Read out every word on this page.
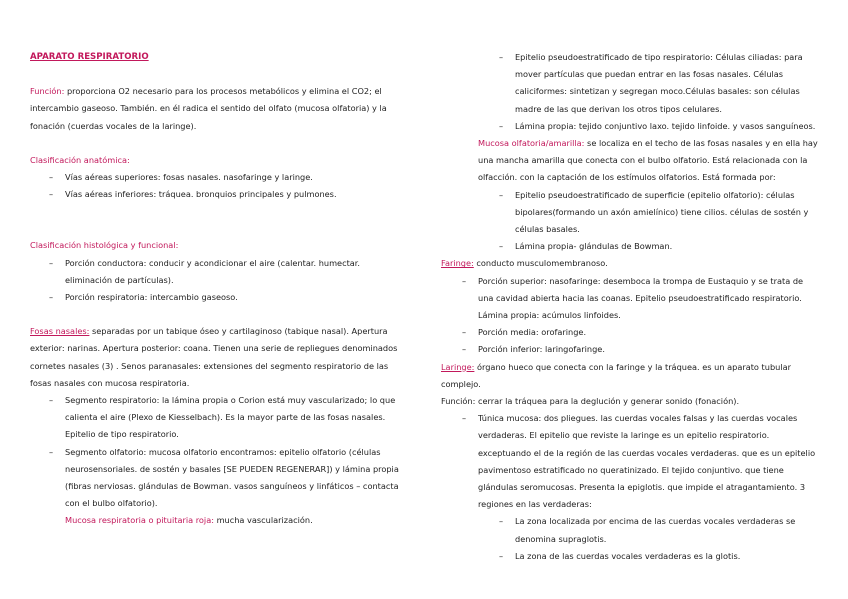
APARATO RESPIRATORIO

Función: proporciona O2 necesario para los procesos metabólicos y elimina el CO2; el intercambio gaseoso. También. en él radica el sentido del olfato (mucosa olfatoria) y la fonación (cuerdas vocales de la laringe).

Clasificación anatómica:

– Vías aéreas superiores: fosas nasales. nasofaringe y laringe.
– Vías aéreas inferiores: tráquea. bronquios principales y pulmones.

Clasificación histológica y funcional:

– Porción conductora: conducir y acondicionar el aire (calentar. humectar. eliminación de partículas).
– Porción respiratoria: intercambio gaseoso.

Fosas nasales: separadas por un tabique óseo y cartilaginoso (tabique nasal). Apertura exterior: narinas. Apertura posterior: coana. Tienen una serie de repliegues denominados cornetes nasales (3) . Senos paranasales: extensiones del segmento respiratorio de las fosas nasales con mucosa respiratoria.

– Segmento respiratorio: la lámina propia o Corion está muy vascularizado; lo que calienta el aire (Plexo de Kiesselbach). Es la mayor parte de las fosas nasales. Epitelio de tipo respiratorio.
– Segmento olfatorio: mucosa olfatorio encontramos: epitelio olfatorio (células neurosensoriales. de sostén y basales [SE PUEDEN REGENERAR]) y lámina propia (fibras nerviosas. glándulas de Bowman. vasos sanguíneos y linfáticos – contacta con el bulbo olfatorio).

Mucosa respiratoria o pituitaria roja: mucha vascularización.

– Epitelio pseudoestratificado de tipo respiratorio: Células ciliadas: para mover partículas que puedan entrar en las fosas nasales. Células caliciformes: sintetizan y segregan moco.Células basales: son células madre de las que derivan los otros tipos celulares.
– Lámina propia: tejido conjuntivo laxo. tejido linfoide. y vasos sanguíneos.

Mucosa olfatoria/amarilla: se localiza en el techo de las fosas nasales y en ella hay una mancha amarilla que conecta con el bulbo olfatorio. Está relacionada con la olfacción. con la captación de los estímulos olfatorios. Está formada por:

– Epitelio pseudoestratificado de superficie (epitelio olfatorio): células bipolares(formando un axón amielínico) tiene cilios. células de sostén y células basales.
– Lámina propia- glándulas de Bowman.

Faringe: conducto musculomembranoso.

– Porción superior: nasofaringe: desemboca la trompa de Eustaquio y se trata de una cavidad abierta hacia las coanas. Epitelio pseudoestratificado respiratorio. Lámina propia: acúmulos linfoides.
– Porción media: orofaringe.
– Porción inferior: laringofaringe.

Laringe: órgano hueco que conecta con la faringe y la tráquea. es un aparato tubular complejo.

Función: cerrar la tráquea para la deglución y generar sonido (fonación).

– Túnica mucosa: dos pliegues. las cuerdas vocales falsas y las cuerdas vocales verdaderas. El epitelio que reviste la laringe es un epitelio respiratorio. exceptuando el de la región de las cuerdas vocales verdaderas. que es un epitelio pavimentoso estratificado no queratinizado. El tejido conjuntivo. que tiene glándulas seromucosas. Presenta la epiglotis. que impide el atragantamiento. 3 regiones en las verdaderas:
– La zona localizada por encima de las cuerdas vocales verdaderas se denomina supraglotis.
– La zona de las cuerdas vocales verdaderas es la glotis.
